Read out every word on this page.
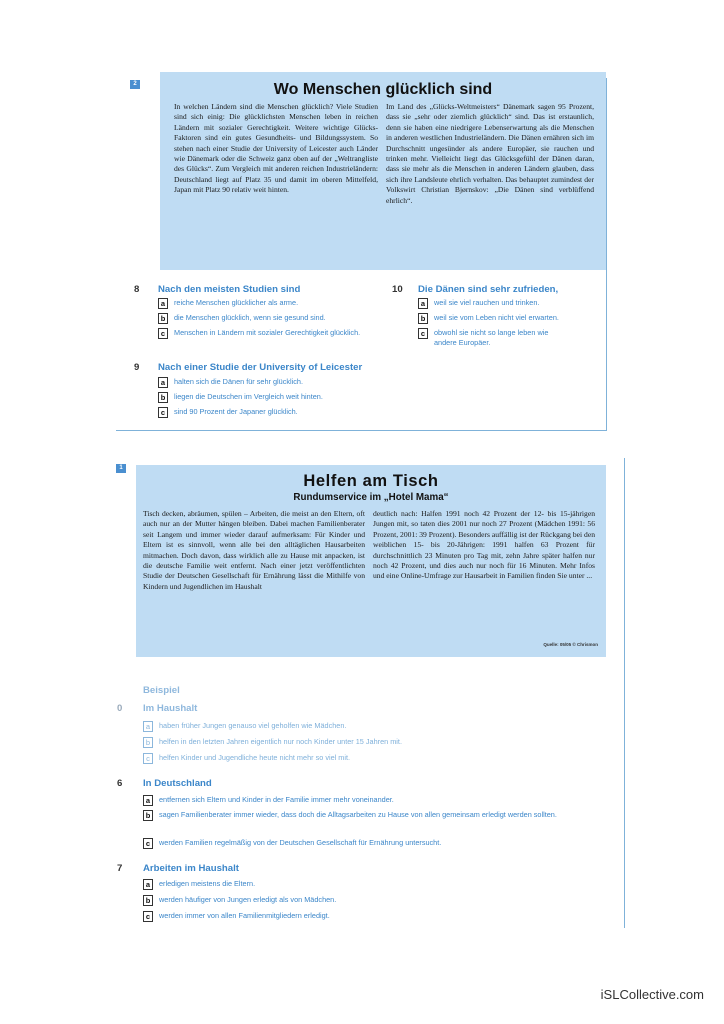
2	Wo Menschen glücklich sind
In welchen Ländern sind die Menschen glücklich? Viele Studien sind sich einig: Die glücklichsten Menschen leben in reichen Ländern mit sozialer Gerechtigkeit. Weitere wichtige Glücks-Faktoren sind ein gutes Gesundheits- und Bildungssystem. So stehen nach einer Studie der University of Leicester auch Länder wie Dänemark oder die Schweiz ganz oben auf der „Weltrangliste des Glücks“. Zum Vergleich mit anderen reichen Industrieländern: Deutschland liegt auf Platz 35 und damit im oberen Mittelfeld, Japan mit Platz 90 relativ weit hinten.
Im Land des „Glücks-Weltmeisters“ Dänemark sagen 95 Prozent, dass sie „sehr oder ziemlich glücklich“ sind. Das ist erstaunlich, denn sie haben eine niedrigere Lebenserwartung als die Menschen in anderen westlichen Industrieländern. Die Dänen ernähren sich im Durchschnitt ungesünder als andere Europäer, sie rauchen und trinken mehr. Vielleicht liegt das Glücksgefühl der Dänen daran, dass sie mehr als die Menschen in anderen Ländern glauben, dass sich ihre Landsleute ehrlich verhalten. Das behauptet zumindest der Volkswirt Christian Bjørnskov: „Die Dänen sind verblüffend ehrlich“.
8 Nach den meisten Studien sind
a	reiche Menschen glücklicher als arme.
b	die Menschen glücklich, wenn sie gesund sind.
c	Menschen in Ländern mit sozialer Gerechtigkeit glücklich.
9 Nach einer Studie der University of Leicester
a	halten sich die Dänen für sehr glücklich.
b	liegen die Deutschen im Vergleich weit hinten.
c	sind 90 Prozent der Japaner glücklich.
10 Die Dänen sind sehr zufrieden,
a	weil sie viel rauchen und trinken.
b	weil sie vom Leben nicht viel erwarten.
c	obwohl sie nicht so lange leben wie andere Europäer.
1
Helfen am Tisch
Rundumservice im „Hotel Mama“
Tisch decken, abräumen, spülen – Arbeiten, die meist an den Eltern, oft auch nur an der Mutter hängen bleiben. Dabei machen Familienberater seit Langem und immer wieder darauf aufmerksam: Für Kinder und Eltern ist es sinnvoll, wenn alle bei den alltäglichen Hausarbeiten mitmachen. Doch davon, dass wirklich alle zu Hause mit anpacken, ist die deutsche Familie weit entfernt. Nach einer jetzt veröffentlichten Studie der Deutschen Gesellschaft für Ernährung lässt die Mithilfe von Kindern und Jugendlichen im Haushalt
deutlich nach: Halfen 1991 noch 42 Prozent der 12- bis 15-jährigen Jungen mit, so taten dies 2001 nur noch 27 Prozent (Mädchen 1991: 56 Prozent, 2001: 39 Prozent). Besonders auffällig ist der Rückgang bei den weiblichen 15- bis 20-Jährigen: 1991 halfen 63 Prozent für durchschnittlich 23 Minuten pro Tag mit, zehn Jahre später halfen nur noch 42 Prozent, und dies auch nur noch für 16 Minuten. Mehr Infos und eine Online-Umfrage zur Hausarbeit in Familien finden Sie unter ...
Quelle: 05/05 © Chrismon
Beispiel
0 Im Haushalt
a	haben früher Jungen genauso viel geholfen wie Mädchen.
b	helfen in den letzten Jahren eigentlich nur noch Kinder unter 15 Jahren mit.
c	helfen Kinder und Jugendliche heute nicht mehr so viel mit.
6 In Deutschland
a	entfernen sich Eltern und Kinder in der Familie immer mehr voneinander.
b	sagen Familienberater immer wieder, dass doch die Alltagsarbeiten zu Hause von allen gemeinsam erledigt werden sollten.
c	werden Familien regelmäßig von der Deutschen Gesellschaft für Ernährung untersucht.
7 Arbeiten im Haushalt
a	erledigen meistens die Eltern.
b	werden häufiger von Jungen erledigt als von Mädchen.
c	werden immer von allen Familienmitgliedern erledigt.
iSLCollective.com
